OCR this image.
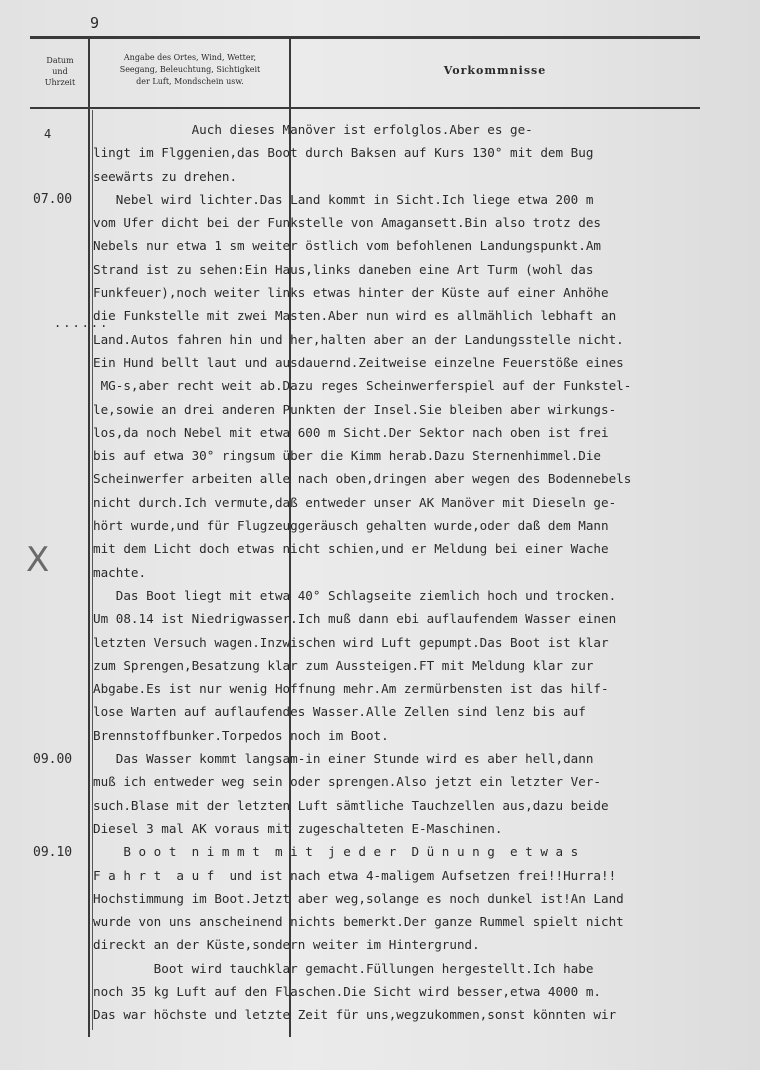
9
Datum
und
Uhrzeit
Angabe des Ortes, Wind, Wetter,
Seegang, Beleuchtung, Sichtigkeit
der Luft, Mondschein usw.
Vorkommnisse
4
......
X
07.00
09.00
09.10
Auch dieses Manöver ist erfolglos.Aber es ge-
lingt im Flggenien,das Boot durch Baksen auf Kurs 130° mit dem Bug
seewärts zu drehen.
Nebel wird lichter.Das Land kommt in Sicht.Ich liege etwa 200 m
vom Ufer dicht bei der Funkstelle von Amagansett.Bin also trotz des
Nebels nur etwa 1 sm weiter östlich vom befohlenen Landungspunkt.Am
Strand ist zu sehen:Ein Haus,links daneben eine Art Turm (wohl das
Funkfeuer),noch weiter links etwas hinter der Küste auf einer Anhöhe
die Funkstelle mit zwei Masten.Aber nun wird es allmählich lebhaft an
Land.Autos fahren hin und her,halten aber an der Landungsstelle nicht.
Ein Hund bellt laut und ausdauernd.Zeitweise einzelne Feuerstöße eines
MG-s,aber recht weit ab.Dazu reges Scheinwerferspiel auf der Funkstel-
le,sowie an drei anderen Punkten der Insel.Sie bleiben aber wirkungs-
los,da noch Nebel mit etwa 600 m Sicht.Der Sektor nach oben ist frei
bis auf etwa 30° ringsum über die Kimm herab.Dazu Sternenhimmel.Die
Scheinwerfer arbeiten alle nach oben,dringen aber wegen des Bodennebels
nicht durch.Ich vermute,daß entweder unser AK Manöver mit Dieseln ge-
hört wurde,und für Flugzeuggeräusch gehalten wurde,oder daß dem Mann
mit dem Licht doch etwas nicht schien,und er Meldung bei einer Wache
machte.
Das Boot liegt mit etwa 40° Schlagseite ziemlich hoch und trocken.
Um 08.14 ist Niedrigwasser.Ich muß dann ebi auflaufendem Wasser einen
letzten Versuch wagen.Inzwischen wird Luft gepumpt.Das Boot ist klar
zum Sprengen,Besatzung klar zum Aussteigen.FT mit Meldung klar zur
Abgabe.Es ist nur wenig Hoffnung mehr.Am zermürbensten ist das hilf-
lose Warten auf auflaufendes Wasser.Alle Zellen sind lenz bis auf
Brennstoffbunker.Torpedos noch im Boot.
Das Wasser kommt langsam-in einer Stunde wird es aber hell,dann
muß ich entweder weg sein oder sprengen.Also jetzt ein letzter Ver-
such.Blase mit der letzten Luft sämtliche Tauchzellen aus,dazu beide
Diesel 3 mal AK voraus mit zugeschalteten E-Maschinen.
B o o t  n i m m t  m i t  j e d e r  D ü n u n g  e t w a s
F a h r t  a u f  und ist nach etwa 4-maligem Aufsetzen frei!!Hurra!!
Hochstimmung im Boot.Jetzt aber weg,solange es noch dunkel ist!An Land
wurde von uns anscheinend nichts bemerkt.Der ganze Rummel spielt nicht
direckt an der Küste,sondern weiter im Hintergrund.
Boot wird tauchklar gemacht.Füllungen hergestellt.Ich habe
noch 35 kg Luft auf den Flaschen.Die Sicht wird besser,etwa 4000 m.
Das war höchste und letzte Zeit für uns,wegzukommen,sonst könnten wir
